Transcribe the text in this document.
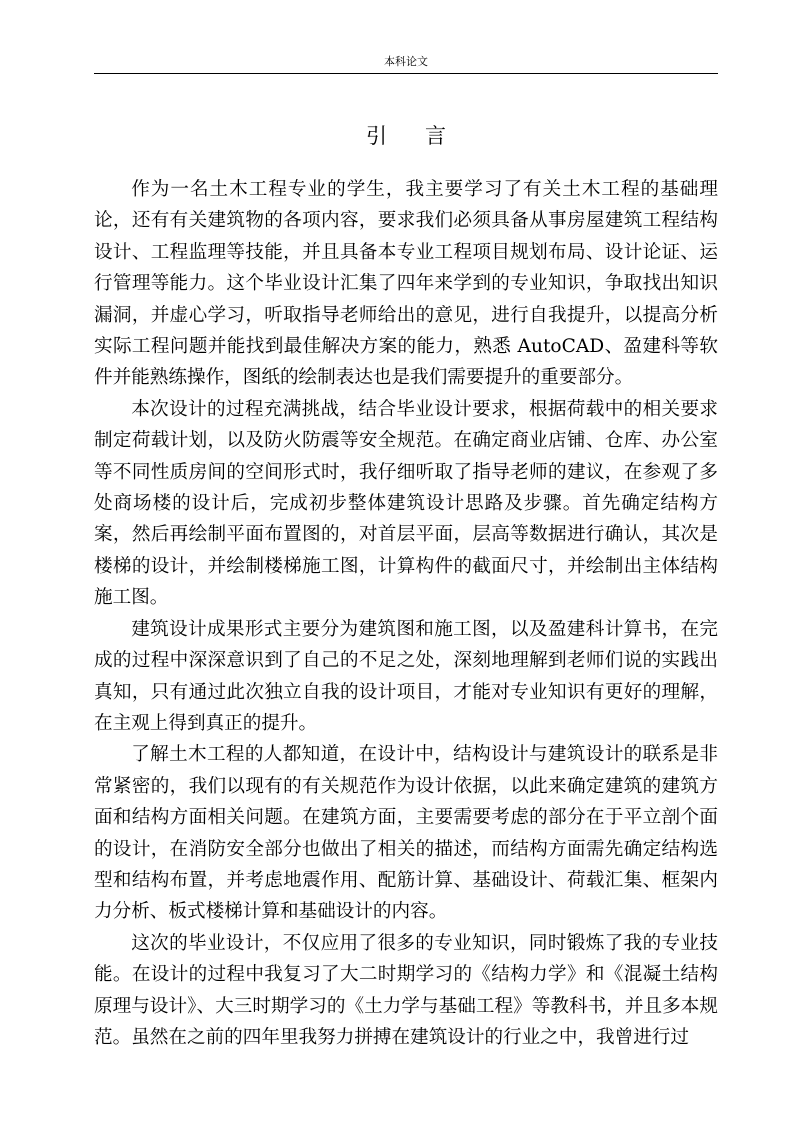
本科论文
引言

作为一名土木工程专业的学生，我主要学习了有关土木工程的基础理论，还有有关建筑物的各项内容，要求我们必须具备从事房屋建筑工程结构设计、工程监理等技能，并且具备本专业工程项目规划布局、设计论证、运行管理等能力。这个毕业设计汇集了四年来学到的专业知识，争取找出知识漏洞，并虚心学习，听取指导老师给出的意见，进行自我提升，以提高分析实际工程问题并能找到最佳解决方案的能力，熟悉 AutoCAD、盈建科等软件并能熟练操作，图纸的绘制表达也是我们需要提升的重要部分。

本次设计的过程充满挑战，结合毕业设计要求，根据荷载中的相关要求制定荷载计划，以及防火防震等安全规范。在确定商业店铺、仓库、办公室等不同性质房间的空间形式时，我仔细听取了指导老师的建议，在参观了多处商场楼的设计后，完成初步整体建筑设计思路及步骤。首先确定结构方案，然后再绘制平面布置图的，对首层平面，层高等数据进行确认，其次是楼梯的设计，并绘制楼梯施工图，计算构件的截面尺寸，并绘制出主体结构施工图。

建筑设计成果形式主要分为建筑图和施工图，以及盈建科计算书，在完成的过程中深深意识到了自己的不足之处，深刻地理解到老师们说的实践出真知，只有通过此次独立自我的设计项目，才能对专业知识有更好的理解，在主观上得到真正的提升。

了解土木工程的人都知道，在设计中，结构设计与建筑设计的联系是非常紧密的，我们以现有的有关规范作为设计依据，以此来确定建筑的建筑方面和结构方面相关问题。在建筑方面，主要需要考虑的部分在于平立剖个面的设计，在消防安全部分也做出了相关的描述，而结构方面需先确定结构选型和结构布置，并考虑地震作用、配筋计算、基础设计、荷载汇集、框架内力分析、板式楼梯计算和基础设计的内容。

这次的毕业设计，不仅应用了很多的专业知识，同时锻炼了我的专业技能。在设计的过程中我复习了大二时期学习的《结构力学》和《混凝土结构原理与设计》、大三时期学习的《土力学与基础工程》等教科书，并且多本规范。虽然在之前的四年里我努力拼搏在建筑设计的行业之中，我曾进行过
